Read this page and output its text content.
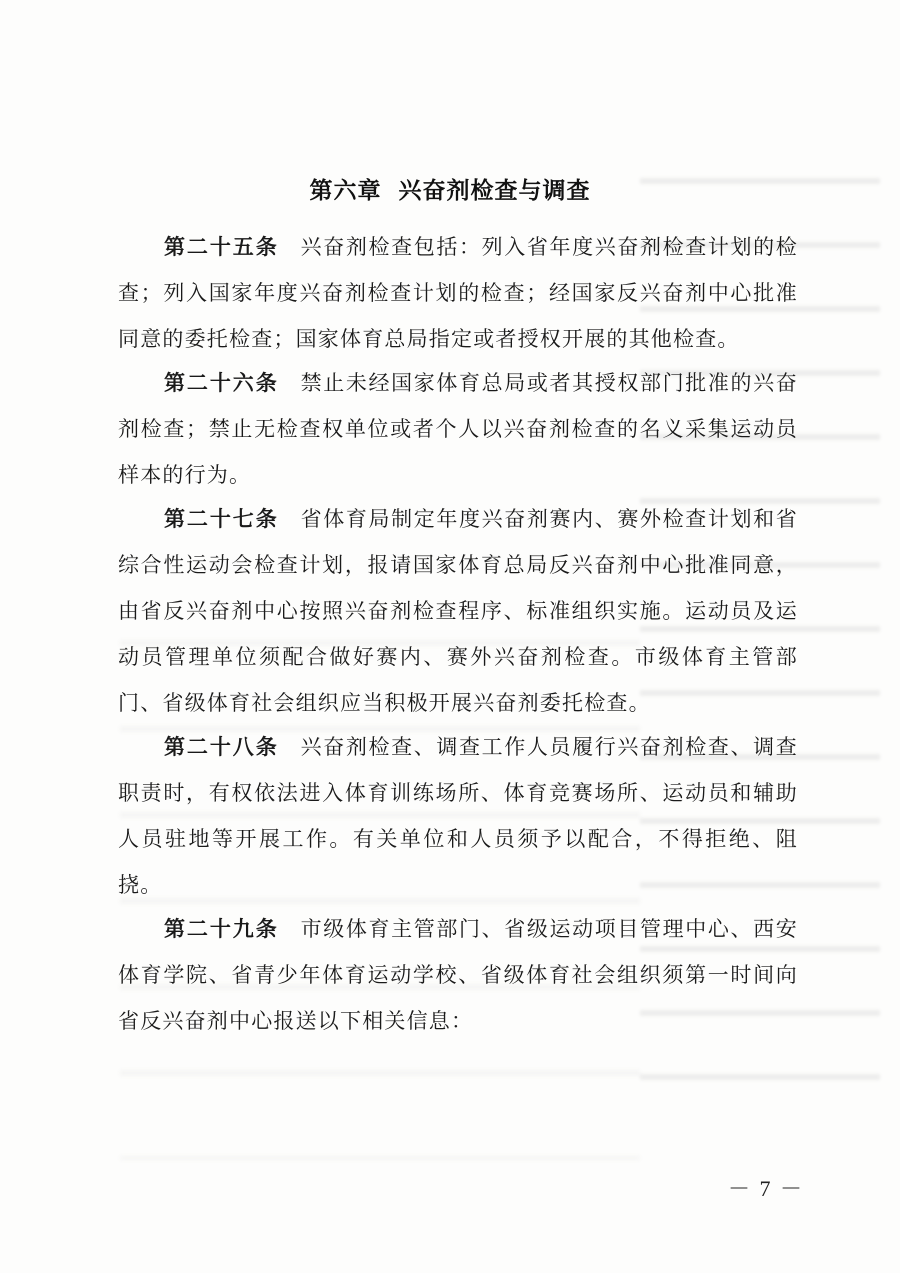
第六章 兴奋剂检查与调查

第二十五条 兴奋剂检查包括：列入省年度兴奋剂检查计划的检查；列入国家年度兴奋剂检查计划的检查；经国家反兴奋剂中心批准同意的委托检查；国家体育总局指定或者授权开展的其他检查。

第二十六条 禁止未经国家体育总局或者其授权部门批准的兴奋剂检查；禁止无检查权单位或者个人以兴奋剂检查的名义采集运动员样本的行为。

第二十七条 省体育局制定年度兴奋剂赛内、赛外检查计划和省综合性运动会检查计划，报请国家体育总局反兴奋剂中心批准同意，由省反兴奋剂中心按照兴奋剂检查程序、标准组织实施。运动员及运动员管理单位须配合做好赛内、赛外兴奋剂检查。市级体育主管部门、省级体育社会组织应当积极开展兴奋剂委托检查。

第二十八条 兴奋剂检查、调查工作人员履行兴奋剂检查、调查职责时，有权依法进入体育训练场所、体育竞赛场所、运动员和辅助人员驻地等开展工作。有关单位和人员须予以配合，不得拒绝、阻挠。

第二十九条 市级体育主管部门、省级运动项目管理中心、西安体育学院、省青少年体育运动学校、省级体育社会组织须第一时间向省反兴奋剂中心报送以下相关信息：

－ 7 －
